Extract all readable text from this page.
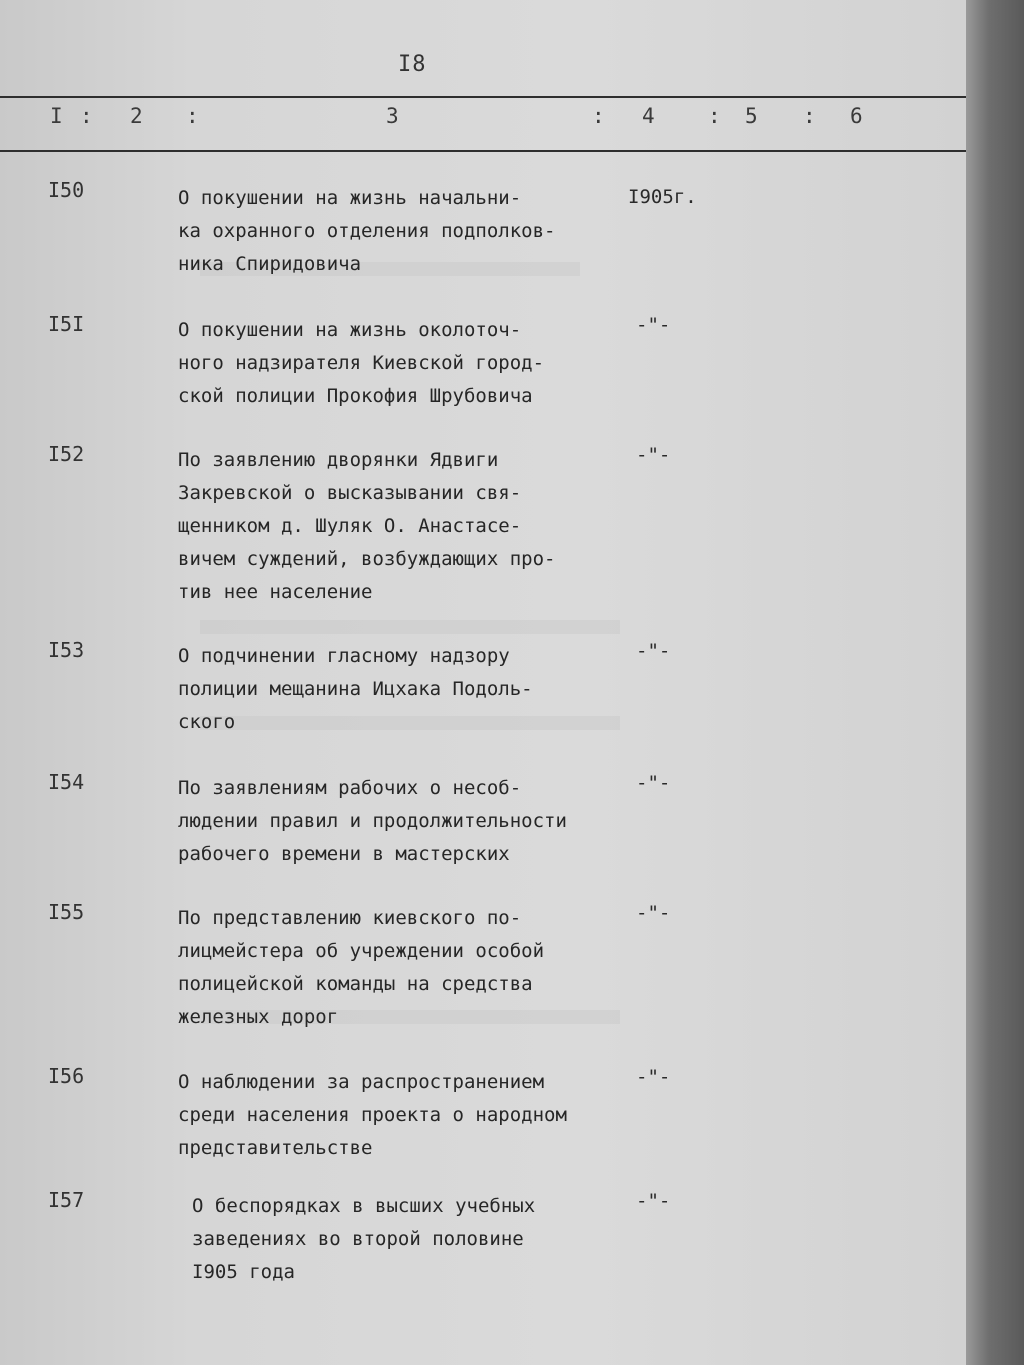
I8
I : 2 :	3	: 4	: 5 : 6
I50	О покушении на жизнь начальни-
ка охранного отделения подполков-
ника Спиридовича
I905г.
I5I	О покушении на жизнь околоточ-
ного надзирателя Киевской город-
ской полиции Прокофия Шрубовича
-"-
I52	По заявлению дворянки Ядвиги
Закревской о высказывании свя-
щенником д. Шуляк О. Анастасе-
вичем суждений, возбуждающих про-
тив нее население
-"-
I53	О подчинении гласному надзору
полиции мещанина Ицхака Подоль-
ского
-"-
I54	По заявлениям рабочих о несоб-
людении правил и продолжительности
рабочего времени в мастерских
-"-
I55	По представлению киевского по-
лицмейстера об учреждении особой
полицейской команды на средства
железных дорог
-"-
I56	О наблюдении за распространением
среди населения проекта о народном
представительстве
-"-
I57	О беспорядках в высших учебных
заведениях во второй половине
I905 года
-"-
